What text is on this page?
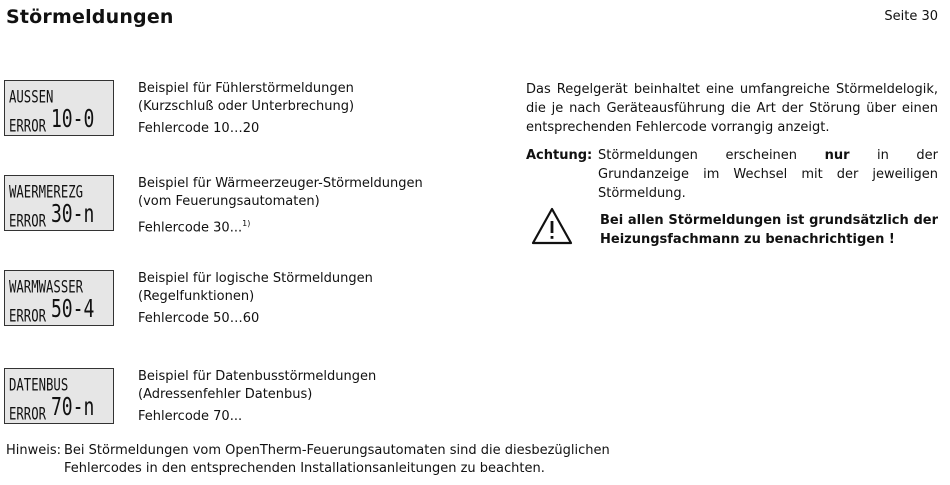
Störmeldungen	Seite 30
AUSSEN
ERROR 10-0
Beispiel für Fühlerstörmeldungen
(Kurzschluß oder Unterbrechung)
Fehlercode 10…20
WAERMEREZG
ERROR 30-n
Beispiel für Wärmeerzeuger-Störmeldungen
(vom Feuerungsautomaten)
Fehlercode 30...$^{1)}$
WARMWASSER
ERROR 50-4
Beispiel für logische Störmeldungen
(Regelfunktionen)
Fehlercode 50…60
DATENBUS
ERROR 70-n
Beispiel für Datenbusstörmeldungen
(Adressenfehler Datenbus)
Fehlercode 70...
Das Regelgerät beinhaltet eine umfangreiche Störmeldelogik, die je nach Geräteausführung die Art der Störung über einen entsprechenden Fehlercode vorrangig anzeigt.
Achtung: Störmeldungen erscheinen nur in der Grundanzeige im Wechsel mit der jeweiligen Störmeldung.
Bei allen Störmeldungen ist grundsätzlich der Heizungsfachmann zu benachrichtigen !
Hinweis: Bei Störmeldungen vom OpenTherm-Feuerungsautomaten sind die diesbezüglichen Fehlercodes in den entsprechenden Installationsanleitungen zu beachten.
